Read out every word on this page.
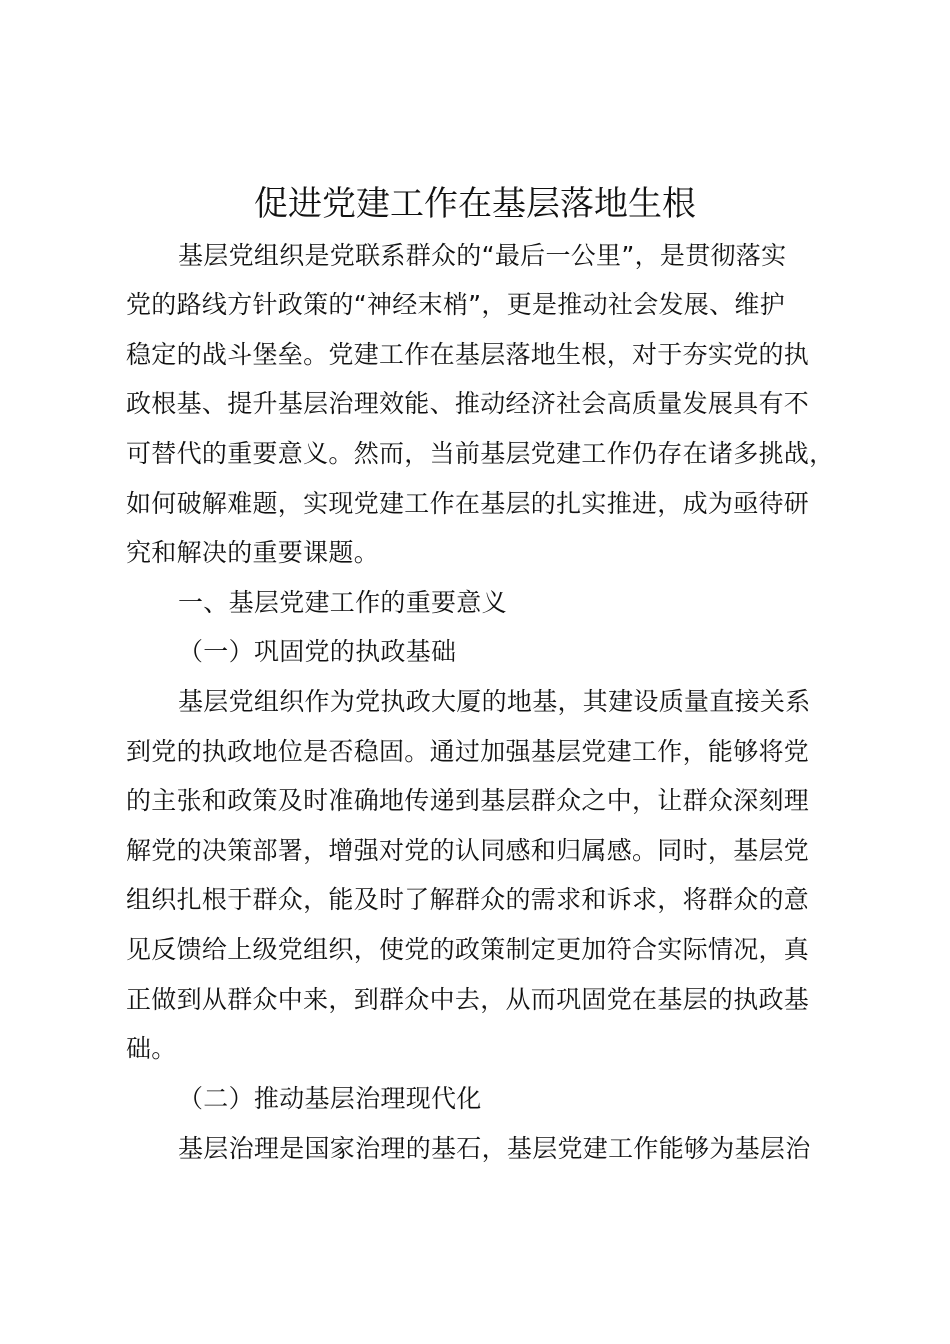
促进党建工作在基层落地生根
基层党组织是党联系群众的“最后一公里”，是贯彻落实
党的路线方针政策的“神经末梢”，更是推动社会发展、维护
稳定的战斗堡垒。党建工作在基层落地生根，对于夯实党的执
政根基、提升基层治理效能、推动经济社会高质量发展具有不
可替代的重要意义。然而，当前基层党建工作仍存在诸多挑战，
如何破解难题，实现党建工作在基层的扎实推进，成为亟待研
究和解决的重要课题。
一、基层党建工作的重要意义
（一）巩固党的执政基础
基层党组织作为党执政大厦的地基，其建设质量直接关系
到党的执政地位是否稳固。通过加强基层党建工作，能够将党
的主张和政策及时准确地传递到基层群众之中，让群众深刻理
解党的决策部署，增强对党的认同感和归属感。同时，基层党
组织扎根于群众，能及时了解群众的需求和诉求，将群众的意
见反馈给上级党组织，使党的政策制定更加符合实际情况，真
正做到从群众中来，到群众中去，从而巩固党在基层的执政基
础。
（二）推动基层治理现代化
基层治理是国家治理的基石，基层党建工作能够为基层治
